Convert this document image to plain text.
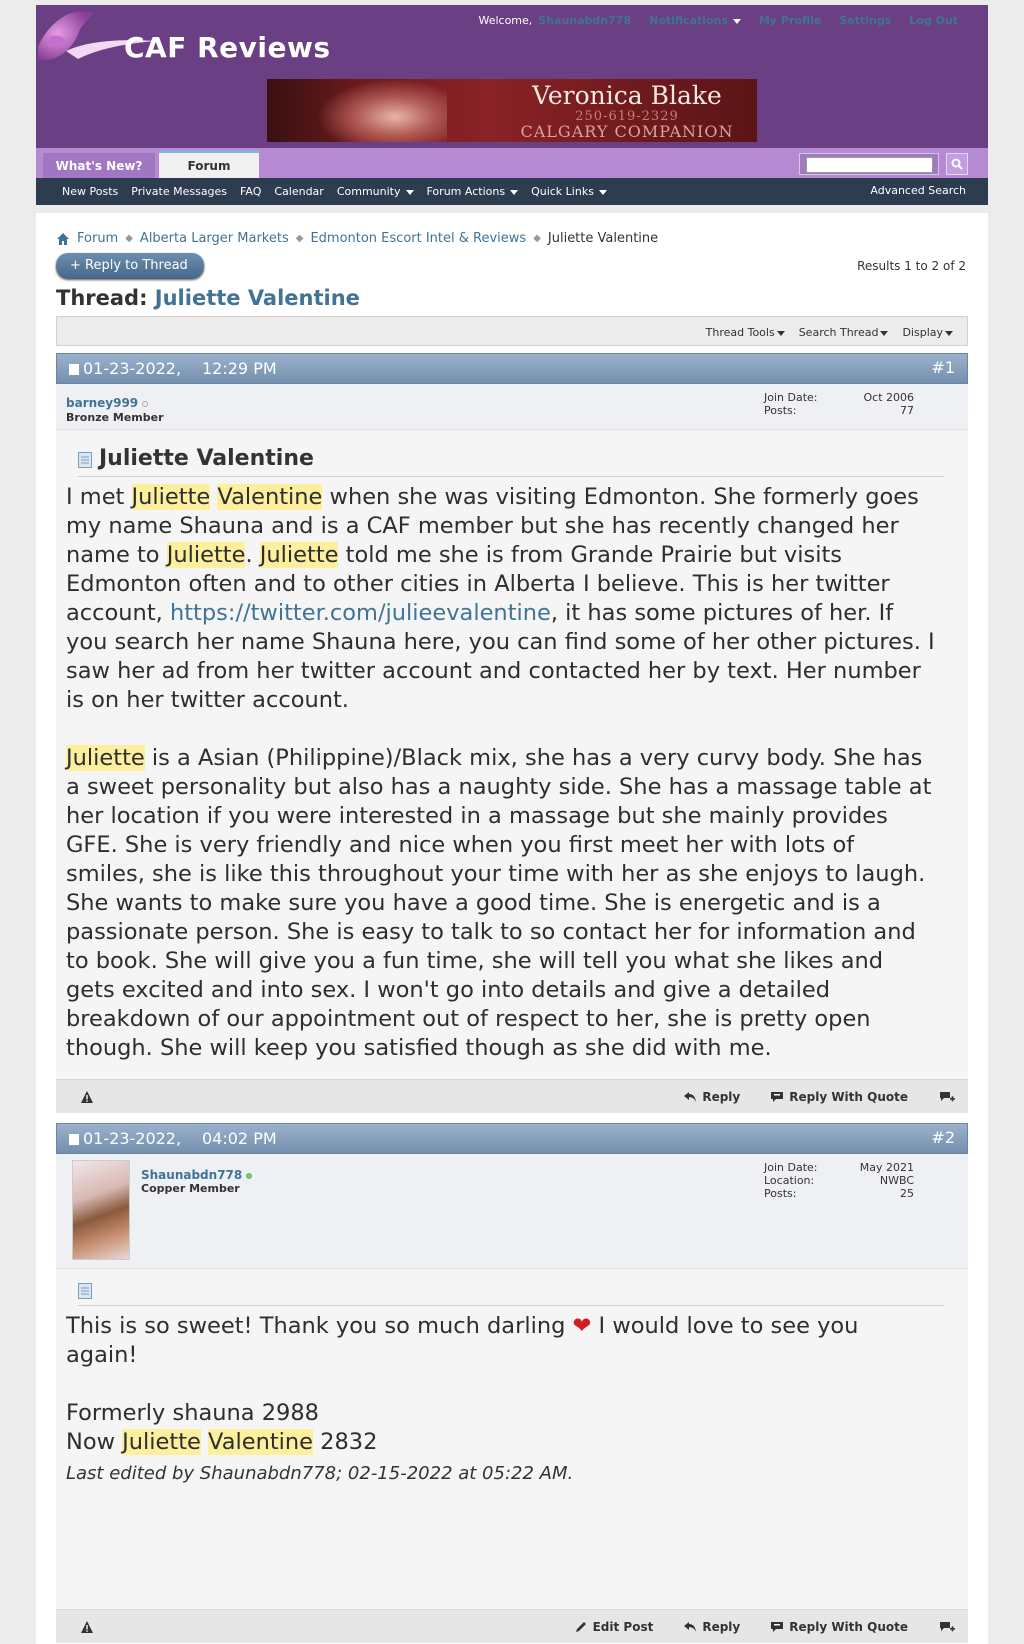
CAF Reviews
Welcome, Shaunabdn778 Notifications	My Profile Settings Log Out
Veronica Blake
250-619-2329
CALGARY COMPANION
What's New?	Forum
New Posts Private Messages FAQ Calendar Community	Forum Actions	Quick Links	Advanced Search
Forum ◆ Alberta Larger Markets ◆ Edmonton Escort Intel & Reviews ◆ Juliette Valentine
+ Reply to Thread	Results 1 to 2 of 2
Thread: Juliette Valentine
Thread Tools	Search Thread	Display
01-23-2022, 12:29 PM	#1
barney999
Bronze Member
Join Date:	Oct 2006
Posts:	77
Juliette Valentine

I met Juliette Valentine when she was visiting Edmonton. She formerly goes my name Shauna and is a CAF member but she has recently changed her name to Juliette. Juliette told me she is from Grande Prairie but visits Edmonton often and to other cities in Alberta I believe. This is her twitter account, https://twitter.com/julieevalentine, it has some pictures of her. If you search her name Shauna here, you can find some of her other pictures. I saw her ad from her twitter account and contacted her by text. Her number is on her twitter account.

Juliette is a Asian (Philippine)/Black mix, she has a very curvy body. She has a sweet personality but also has a naughty side. She has a massage table at her location if you were interested in a massage but she mainly provides GFE. She is very friendly and nice when you first meet her with lots of smiles, she is like this throughout your time with her as she enjoys to laugh. She wants to make sure you have a good time. She is energetic and is a passionate person. She is easy to talk to so contact her for information and to book. She will give you a fun time, she will tell you what she likes and gets excited and into sex. I won't go into details and give a detailed breakdown of our appointment out of respect to her, she is pretty open though. She will keep you satisfied though as she did with me.

Reply	Reply With Quote
01-23-2022, 04:02 PM	#2
Shaunabdn778
Copper Member
Join Date:	May 2021
Location:	NWBC
Posts:	25

This is so sweet! Thank you so much darling ❤ I would love to see you again!

Formerly shauna 2988

Now Juliette Valentine 2832

Last edited by Shaunabdn778; 02-15-2022 at 05:22 AM.
Edit Post	Reply	Reply With Quote
